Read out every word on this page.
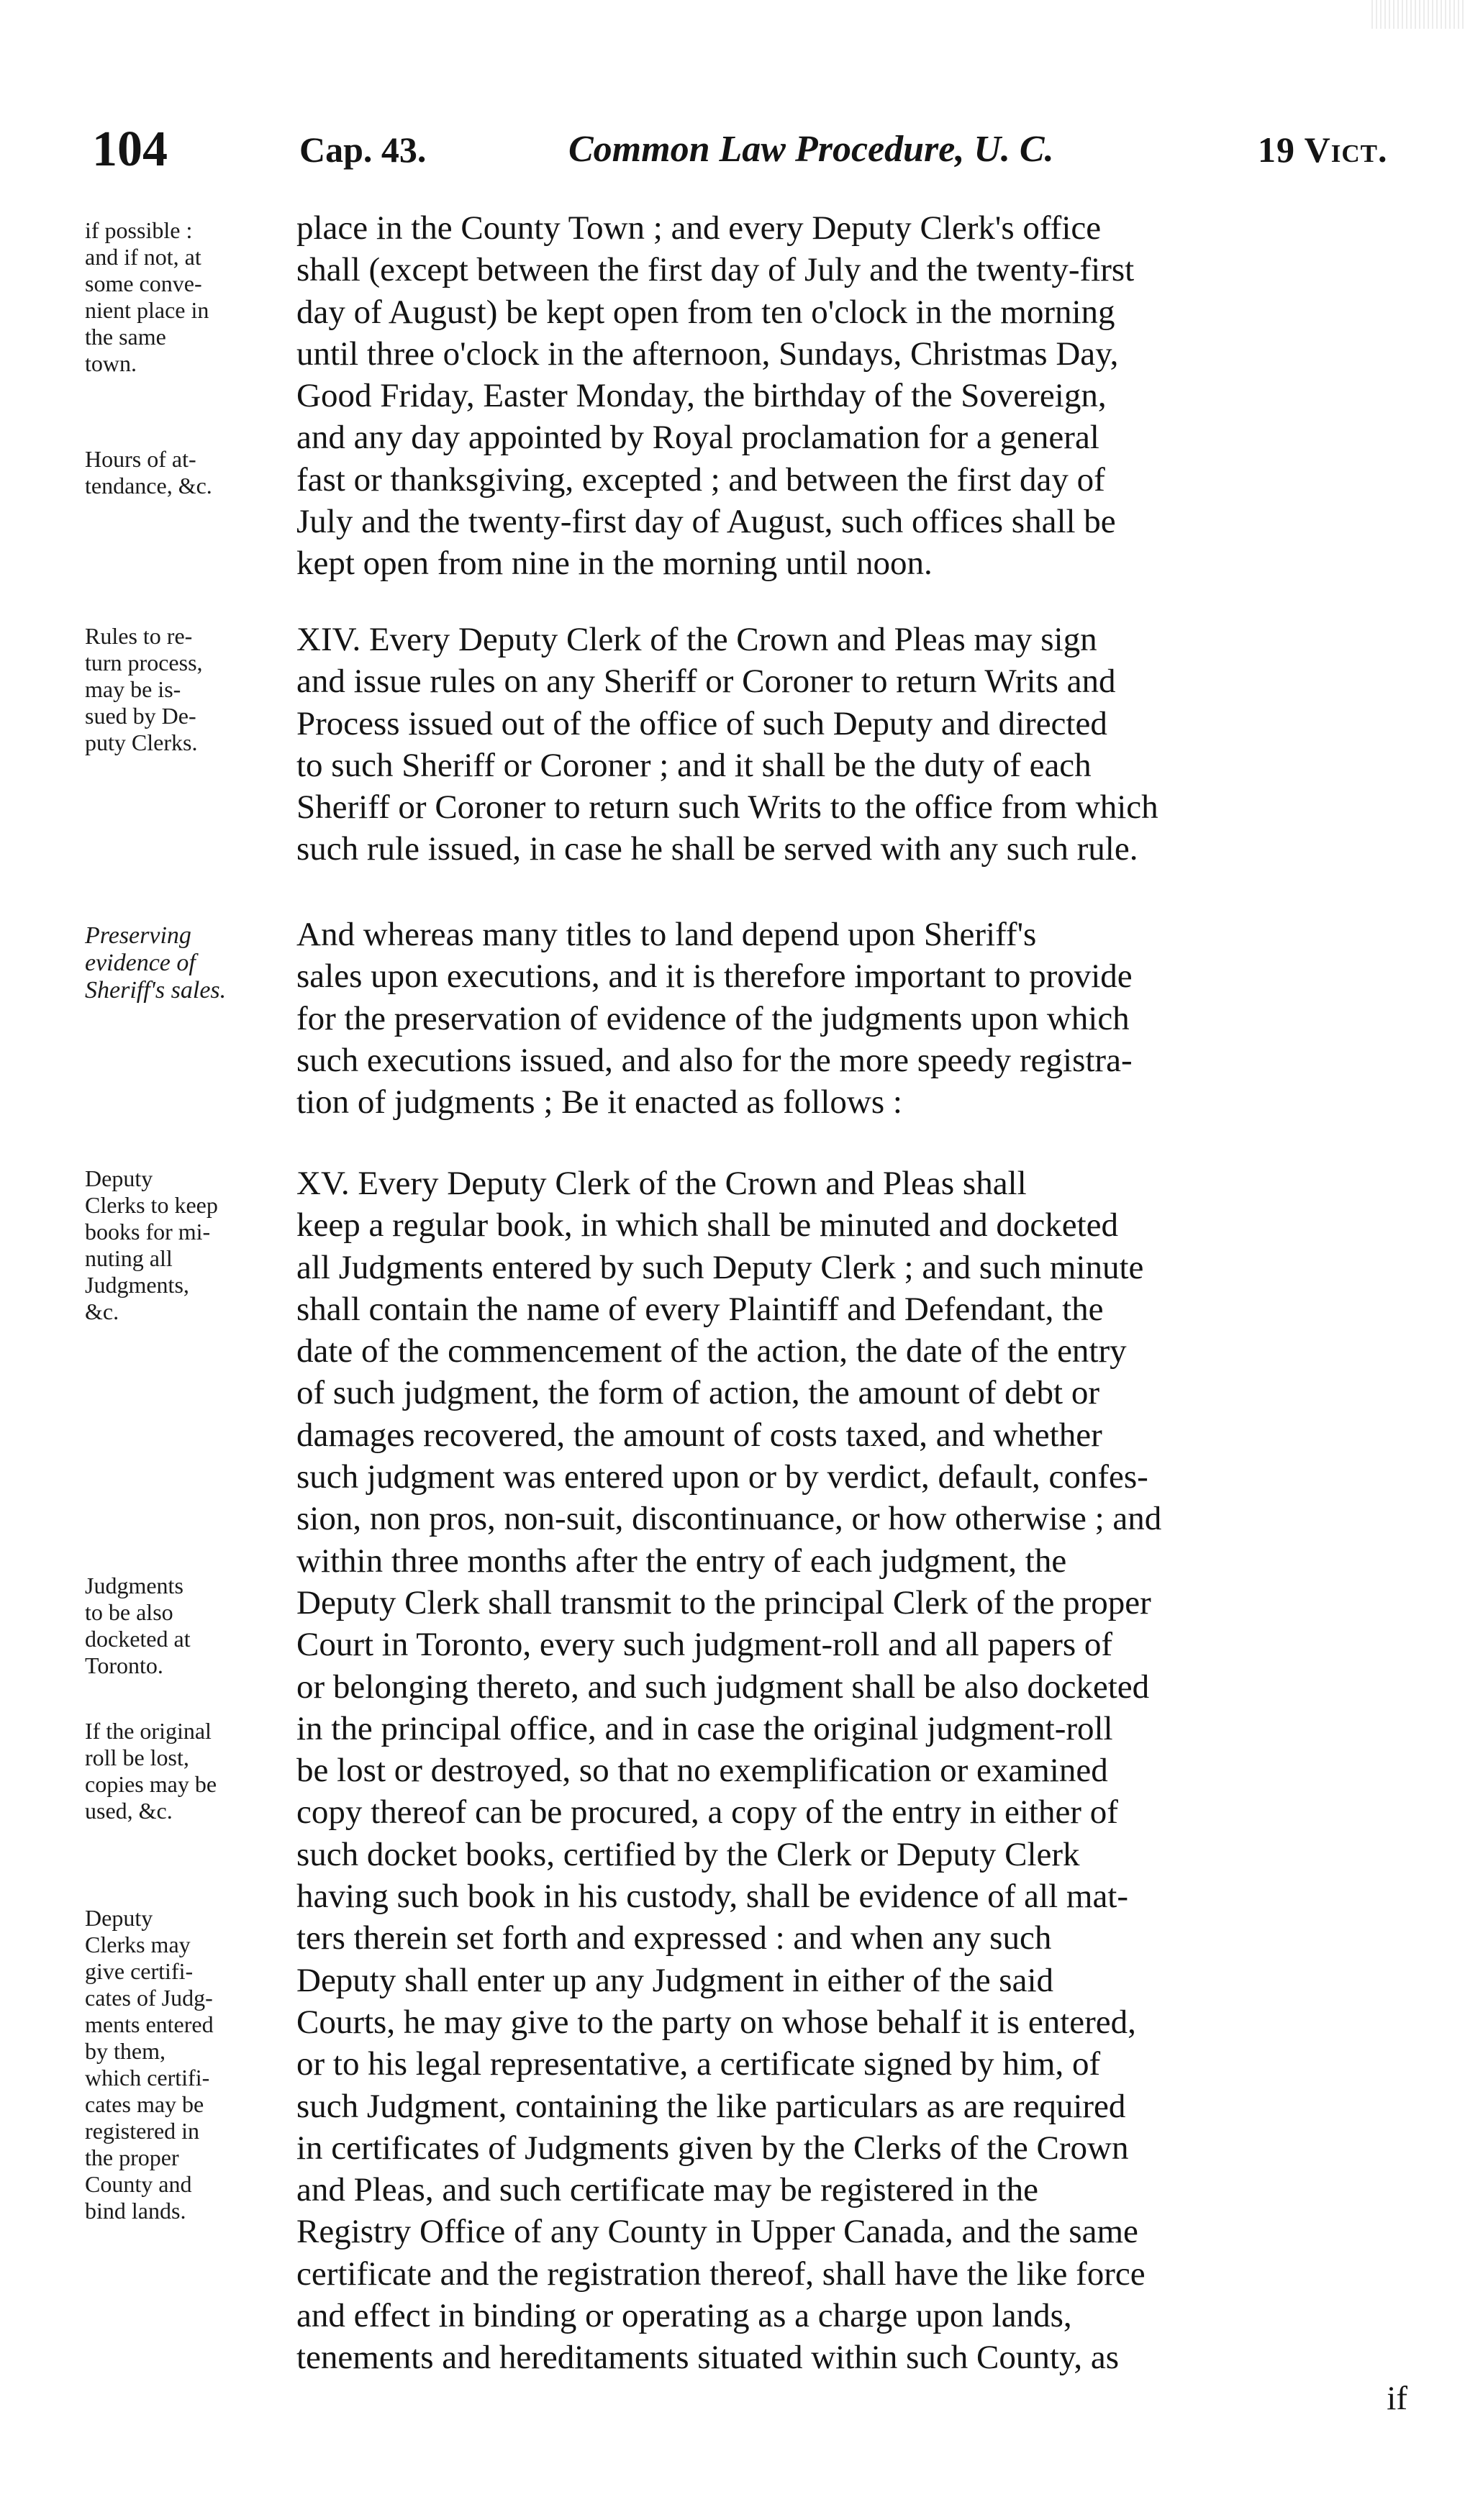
104	Cap. 43.	Common Law Procedure, U. C.	19 Vict.
if possible :
and if not, at
some conve-
nient place in
the same
town.
Hours of at-
tendance, &c.
Rules to re-
turn process,
may be is-
sued by De-
puty Clerks.
Preserving
evidence of
Sheriff's sales.
Deputy
Clerks to keep
books for mi-
nuting all
Judgments,
&c.
Judgments
to be also
docketed at
Toronto.
If the original
roll be lost,
copies may be
used, &c.
Deputy
Clerks may
give certifi-
cates of Judg-
ments entered
by them,
which certifi-
cates may be
registered in
the proper
County and
bind lands.
place in the County Town ; and every Deputy Clerk's office
shall (except between the first day of July and the twenty-first
day of August) be kept open from ten o'clock in the morning
until three o'clock in the afternoon, Sundays, Christmas Day,
Good Friday, Easter Monday, the birthday of the Sovereign,
and any day appointed by Royal proclamation for a general
fast or thanksgiving, excepted ; and between the first day of
July and the twenty-first day of August, such offices shall be
kept open from nine in the morning until noon.
XIV. Every Deputy Clerk of the Crown and Pleas may sign
and issue rules on any Sheriff or Coroner to return Writs and
Process issued out of the office of such Deputy and directed
to such Sheriff or Coroner ; and it shall be the duty of each
Sheriff or Coroner to return such Writs to the office from which
such rule issued, in case he shall be served with any such rule.
And whereas many titles to land depend upon Sheriff's
sales upon executions, and it is therefore important to provide
for the preservation of evidence of the judgments upon which
such executions issued, and also for the more speedy registra-
tion of judgments ; Be it enacted as follows :
XV. Every Deputy Clerk of the Crown and Pleas shall
keep a regular book, in which shall be minuted and docketed
all Judgments entered by such Deputy Clerk ; and such minute
shall contain the name of every Plaintiff and Defendant, the
date of the commencement of the action, the date of the entry
of such judgment, the form of action, the amount of debt or
damages recovered, the amount of costs taxed, and whether
such judgment was entered upon or by verdict, default, confes-
sion, non pros, non-suit, discontinuance, or how otherwise ; and
within three months after the entry of each judgment, the
Deputy Clerk shall transmit to the principal Clerk of the proper
Court in Toronto, every such judgment-roll and all papers of
or belonging thereto, and such judgment shall be also docketed
in the principal office, and in case the original judgment-roll
be lost or destroyed, so that no exemplification or examined
copy thereof can be procured, a copy of the entry in either of
such docket books, certified by the Clerk or Deputy Clerk
having such book in his custody, shall be evidence of all mat-
ters therein set forth and expressed : and when any such
Deputy shall enter up any Judgment in either of the said
Courts, he may give to the party on whose behalf it is entered,
or to his legal representative, a certificate signed by him, of
such Judgment, containing the like particulars as are required
in certificates of Judgments given by the Clerks of the Crown
and Pleas, and such certificate may be registered in the
Registry Office of any County in Upper Canada, and the same
certificate and the registration thereof, shall have the like force
and effect in binding or operating as a charge upon lands,
tenements and hereditaments situated within such County, as
if
